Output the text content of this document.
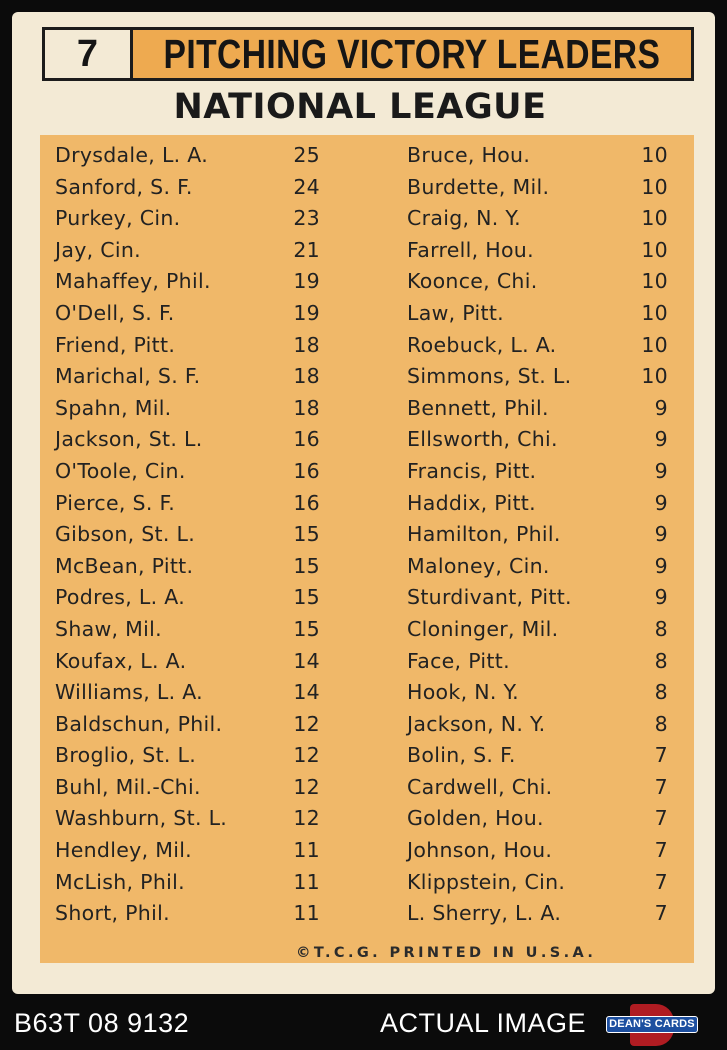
7	PITCHING VICTORY LEADERS
NATIONAL LEAGUE
Drysdale, L. A.	25
Sanford, S. F.	24
Purkey, Cin.	23
Jay, Cin.	21
Mahaffey, Phil.	19
O'Dell, S. F.	19
Friend, Pitt.	18
Marichal, S. F.	18
Spahn, Mil.	18
Jackson, St. L.	16
O'Toole, Cin.	16
Pierce, S. F.	16
Gibson, St. L.	15
McBean, Pitt.	15
Podres, L. A.	15
Shaw, Mil.	15
Koufax, L. A.	14
Williams, L. A.	14
Baldschun, Phil.	12
Broglio, St. L.	12
Buhl, Mil.-Chi.	12
Washburn, St. L.	12
Hendley, Mil.	11
McLish, Phil.	11
Short, Phil.	11
Bruce, Hou.	10
Burdette, Mil.	10
Craig, N. Y.	10
Farrell, Hou.	10
Koonce, Chi.	10
Law, Pitt.	10
Roebuck, L. A.	10
Simmons, St. L.	10
Bennett, Phil.	9
Ellsworth, Chi.	9
Francis, Pitt.	9
Haddix, Pitt.	9
Hamilton, Phil.	9
Maloney, Cin.	9
Sturdivant, Pitt.	9
Cloninger, Mil.	8
Face, Pitt.	8
Hook, N. Y.	8
Jackson, N. Y.	8
Bolin, S. F.	7
Cardwell, Chi.	7
Golden, Hou.	7
Johnson, Hou.	7
Klippstein, Cin.	7
L. Sherry, L. A.	7
©T.C.G. PRINTED IN U.S.A.
B63T 08 9132	ACTUAL IMAGE DEAN'S CARDS
